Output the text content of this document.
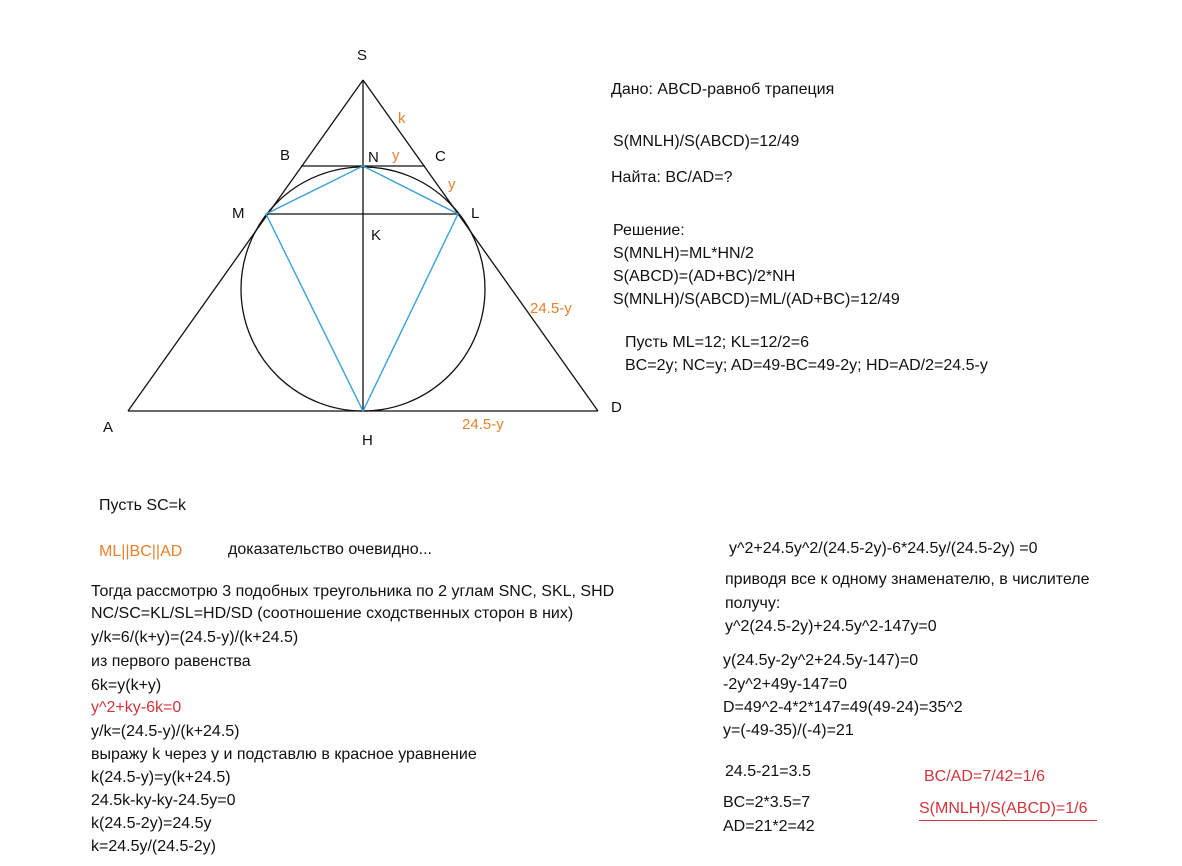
S
B	N	C
M	L
K
A
H
D
k
y
y
24.5-y
24.5-y
Дано: ABCD-равноб трапеция
S(MNLH)/S(ABCD)=12/49
Найта: BC/AD=?
Решение:
S(MNLH)=ML*HN/2
S(ABCD)=(AD+BC)/2*NH
S(MNLH)/S(ABCD)=ML/(AD+BC)=12/49
Пусть ML=12; KL=12/2=6
BC=2y; NC=y; AD=49-BC=49-2y; HD=AD/2=24.5-y
Пусть SC=k
ML||BC||AD	доказательство очевидно...
Тогда рассмотрю 3 подобных треугольника по 2 углам SNC, SKL, SHD
NC/SC=KL/SL=HD/SD (соотношение сходственных сторон в них)
y/k=6/(k+y)=(24.5-y)/(k+24.5)
из первого равенства
6k=y(k+y)
y^2+ky-6k=0
y/k=(24.5-y)/(k+24.5)
выражу k через y и подставлю в красное уравнение
k(24.5-y)=y(k+24.5)
24.5k-ky-ky-24.5y=0
k(24.5-2y)=24.5y
k=24.5y/(24.5-2y)
y^2+24.5y^2/(24.5-2y)-6*24.5y/(24.5-2y) =0
приводя все к одному знаменателю, в числителе
получу:
y^2(24.5-2y)+24.5y^2-147y=0
y(24.5y-2y^2+24.5y-147)=0
-2y^2+49y-147=0
D=49^2-4*2*147=49(49-24)=35^2
y=(-49-35)/(-4)=21
24.5-21=3.5
BC=2*3.5=7
AD=21*2=42
BC/AD=7/42=1/6
S(MNLH)/S(ABCD)=1/6
